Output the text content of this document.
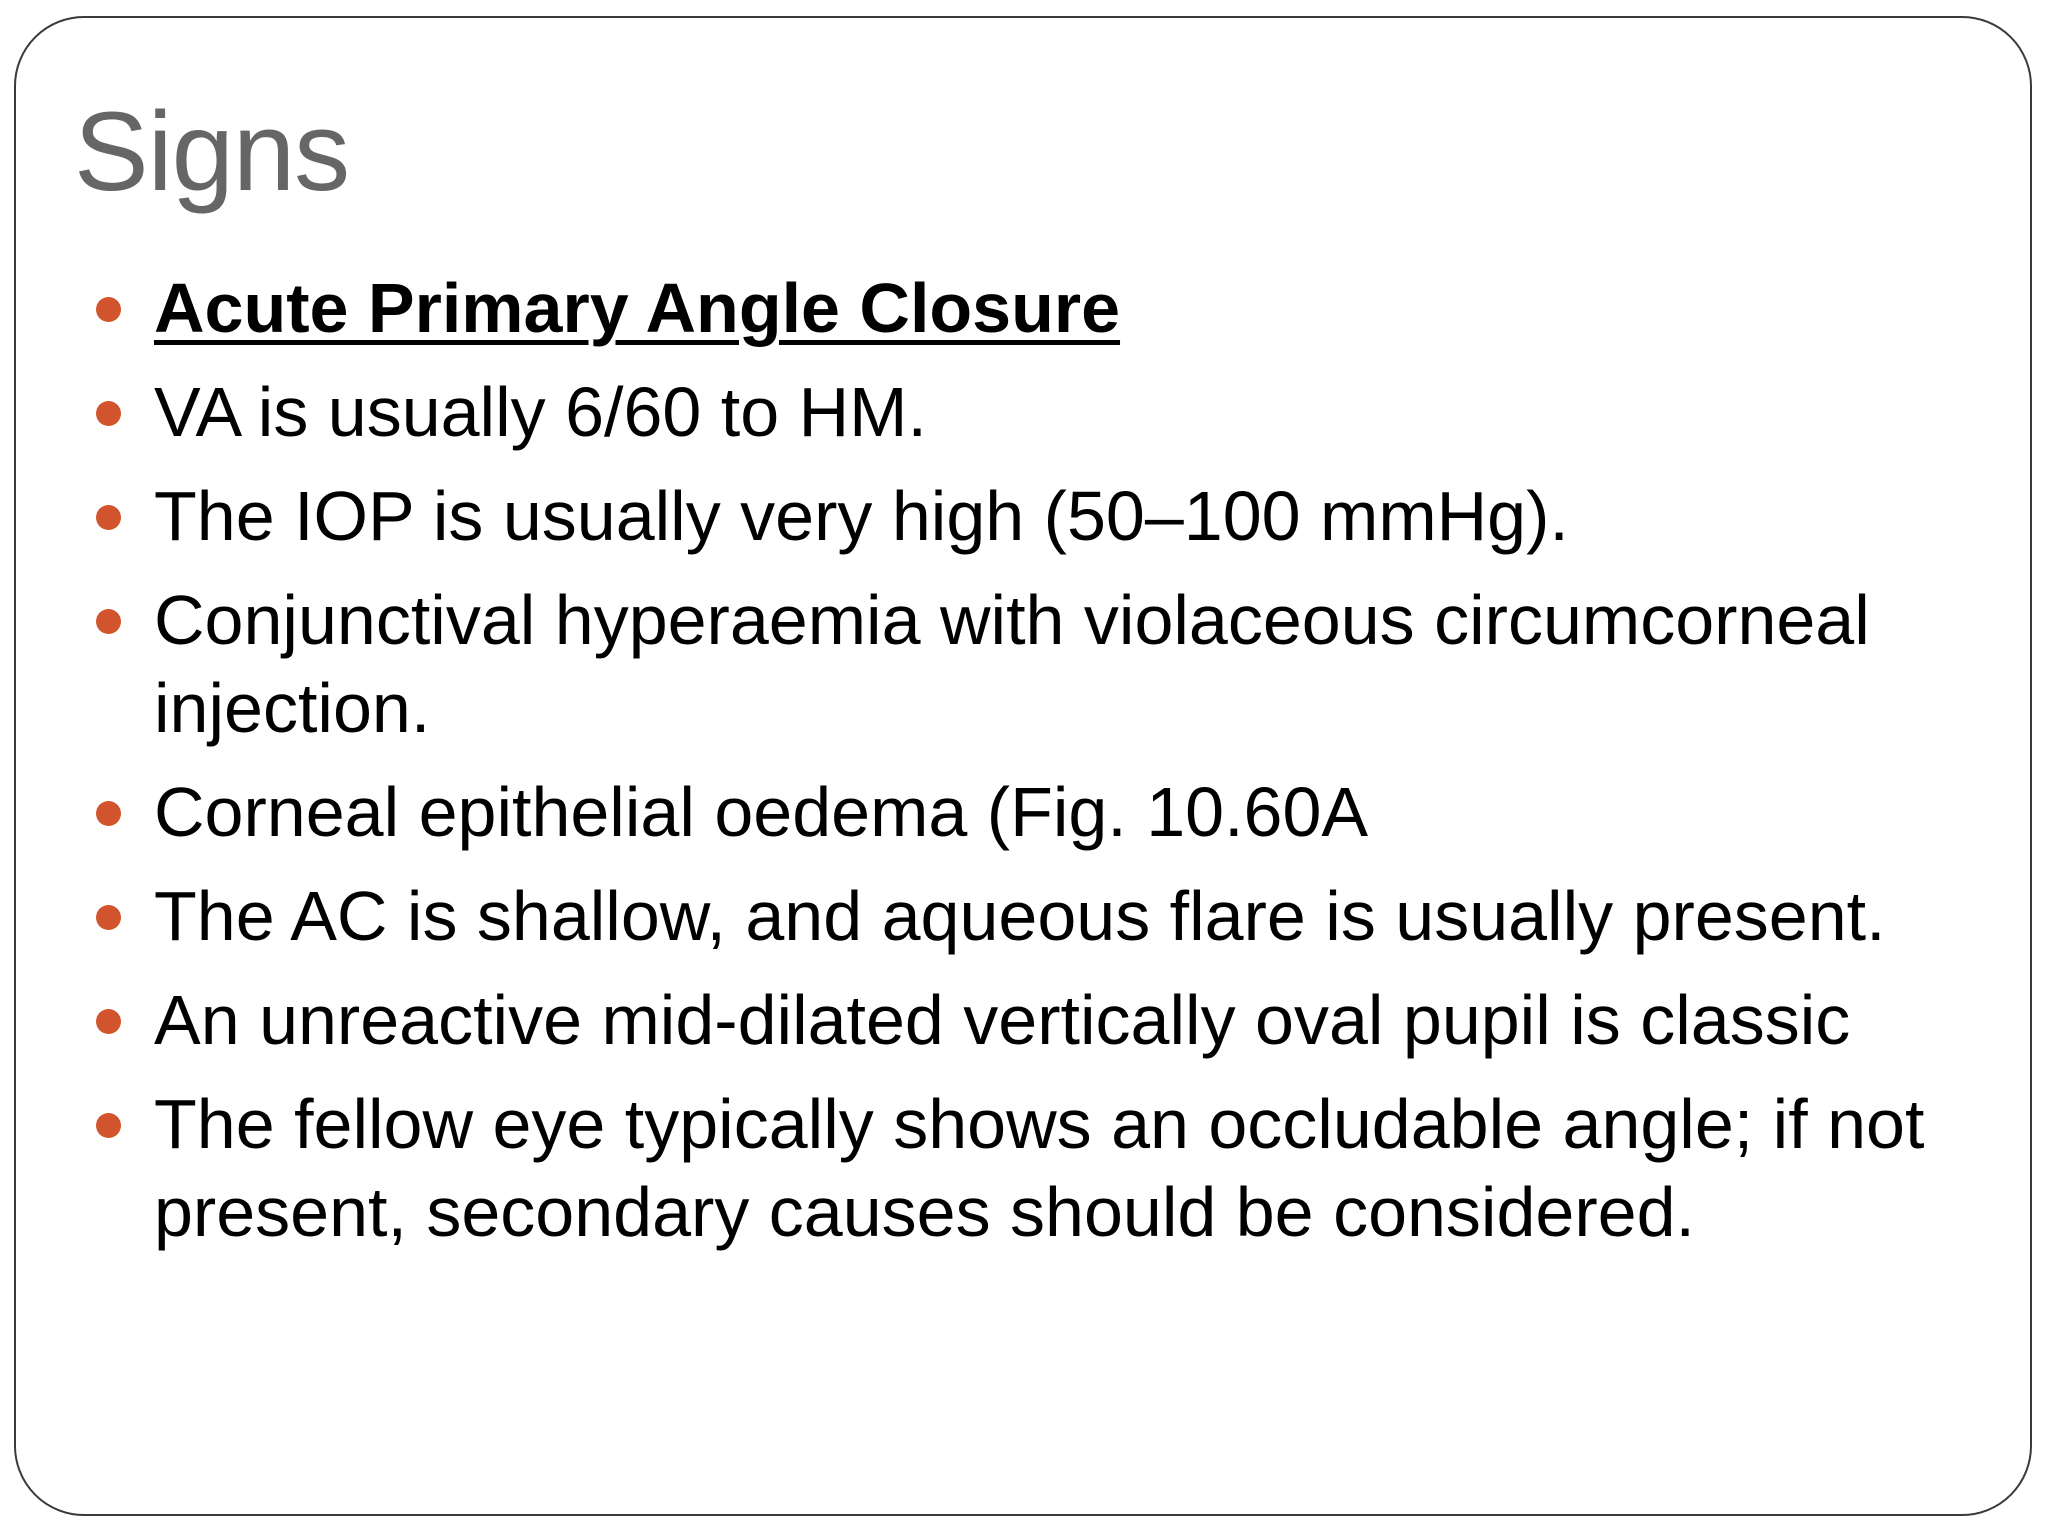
Signs
Acute Primary Angle Closure
VA is usually 6/60 to HM.
The IOP is usually very high (50–100 mmHg).
Conjunctival hyperaemia with violaceous circumcorneal injection.
Corneal epithelial oedema (Fig. 10.60A
The AC is shallow, and aqueous flare is usually present.
An unreactive mid-dilated vertically oval pupil is classic
The fellow eye typically shows an occludable angle; if not present, secondary causes should be considered.
